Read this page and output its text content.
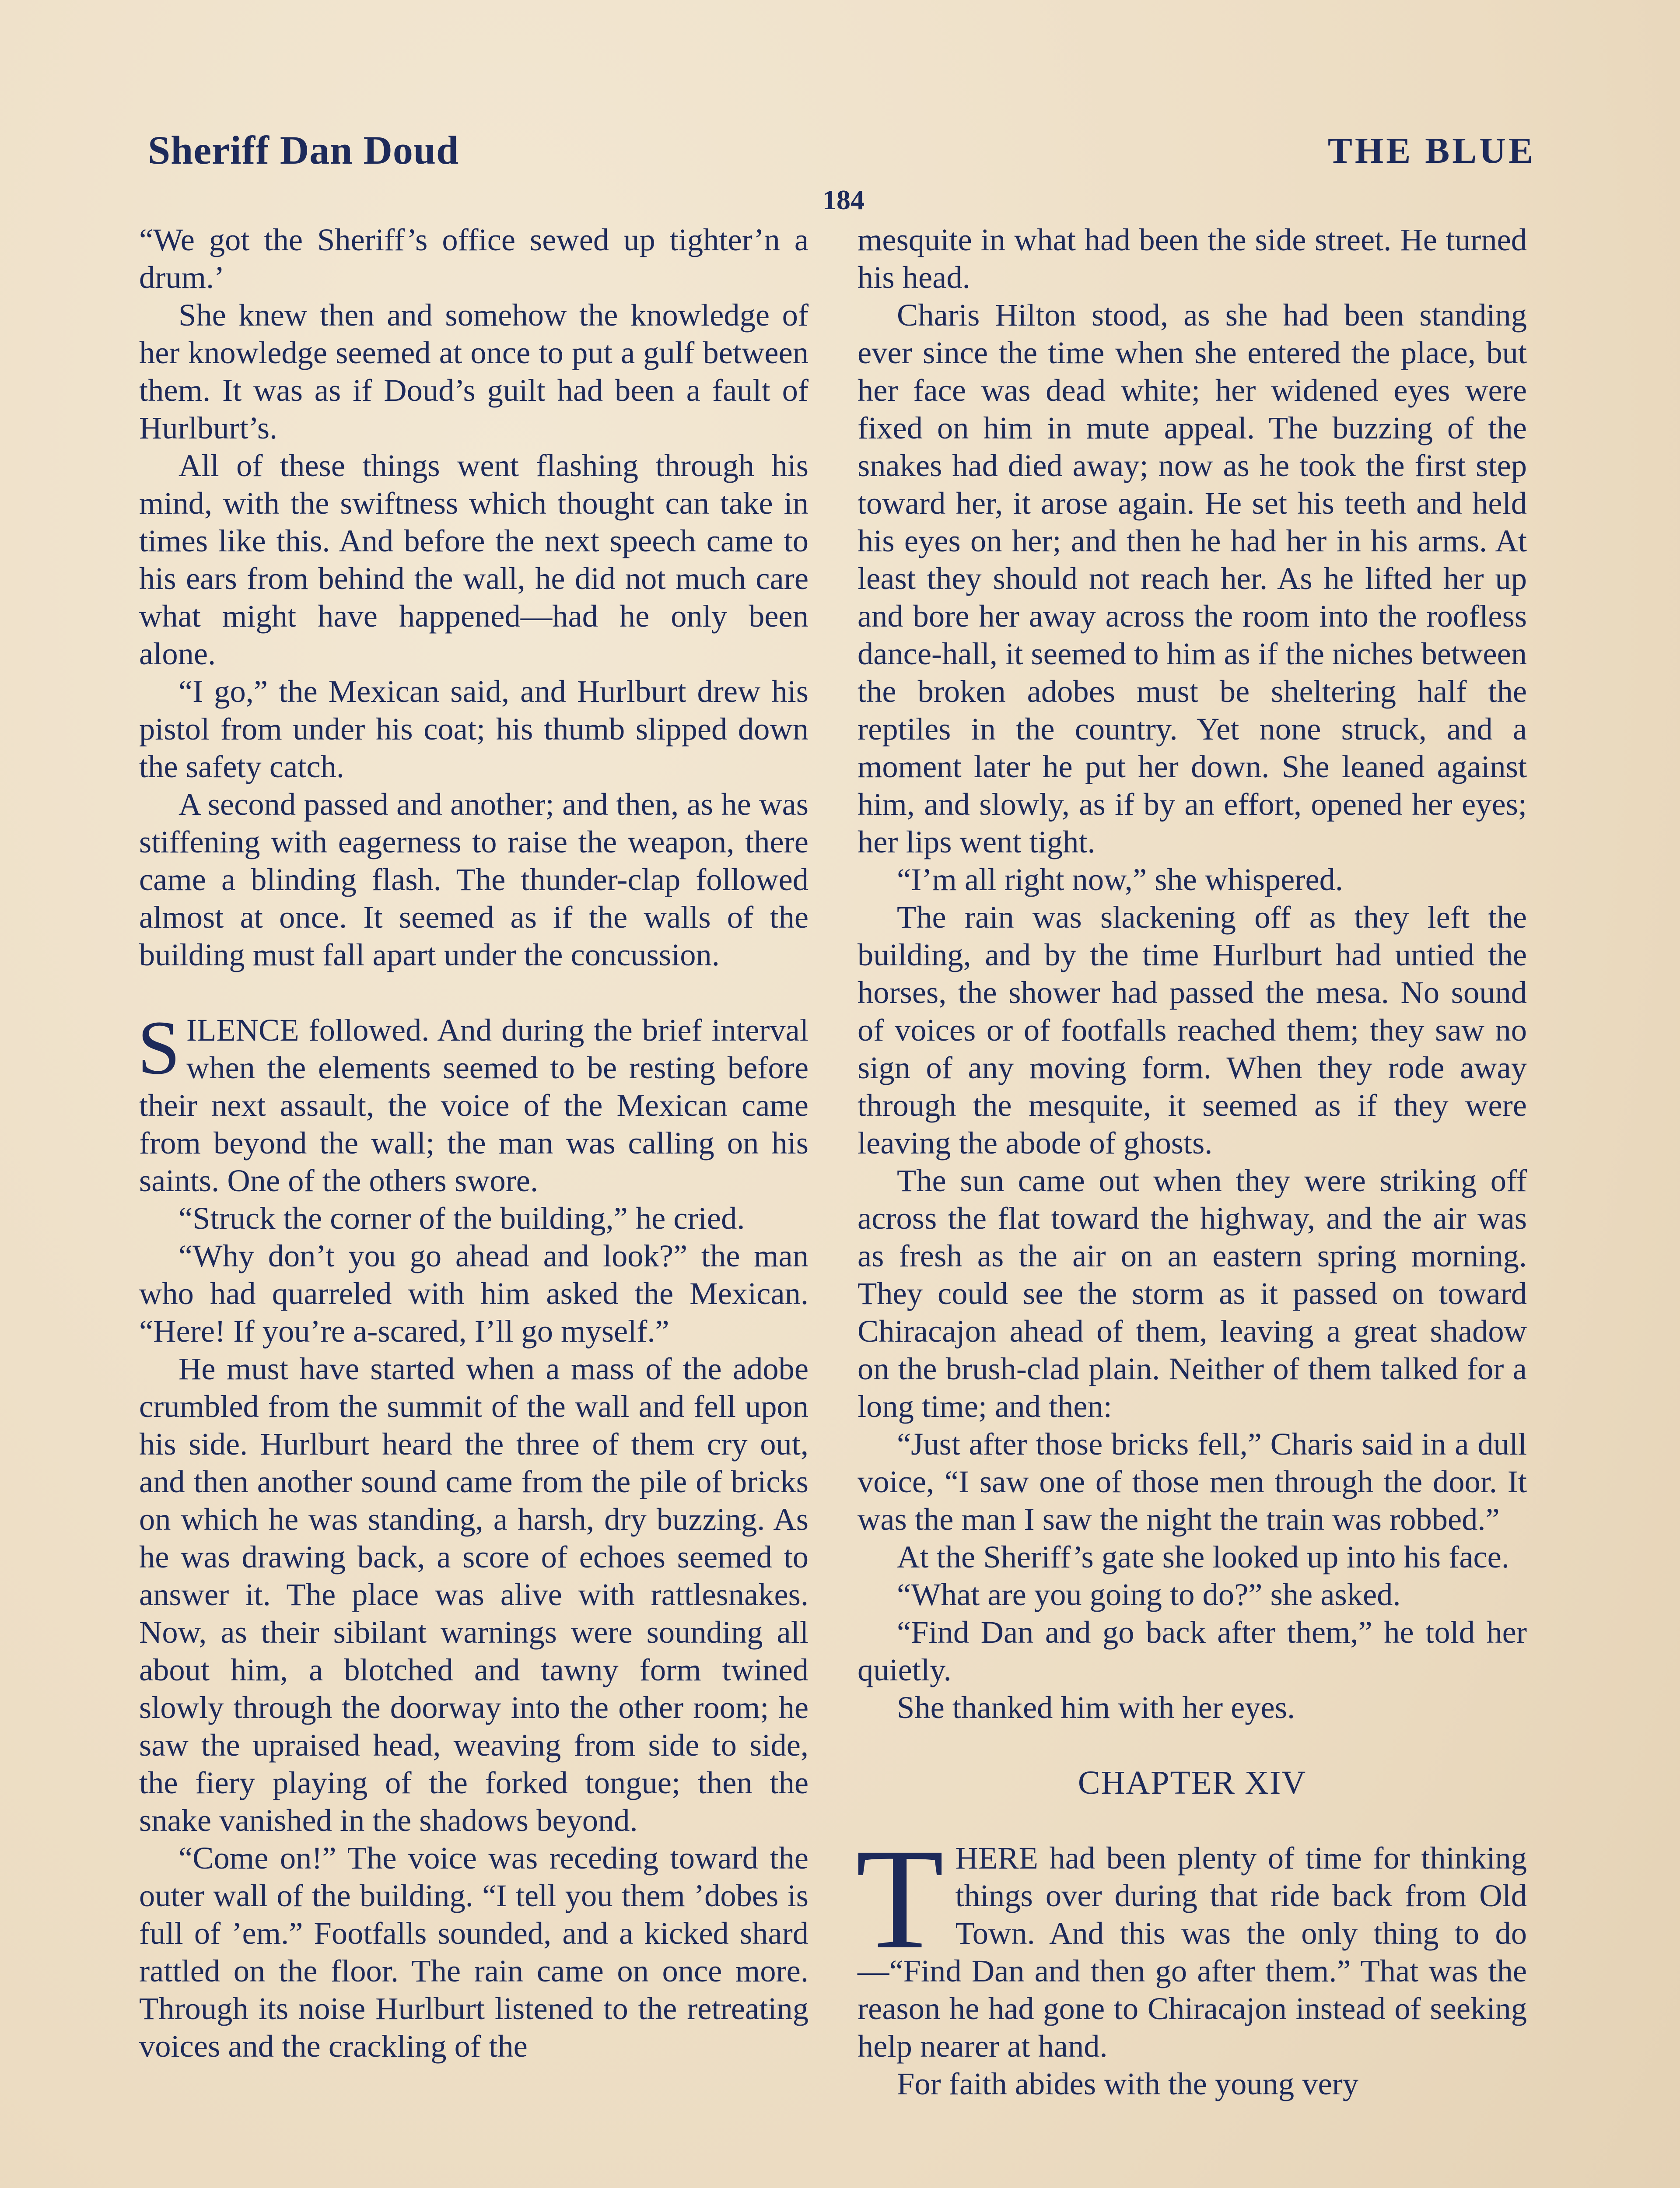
Sheriff Dan Doud	THE BLUE
184

“We got the Sheriff’s office sewed up tighter’n a drum.’

She knew then and somehow the knowledge of her knowledge seemed at once to put a gulf between them. It was as if Doud’s guilt had been a fault of Hurlburt’s.

All of these things went flashing through his mind, with the swiftness which thought can take in times like this. And before the next speech came to his ears from behind the wall, he did not much care what might have happened—had he only been alone.

“I go,” the Mexican said, and Hurlburt drew his pistol from under his coat; his thumb slipped down the safety catch.

A second passed and another; and then, as he was stiffening with eagerness to raise the weapon, there came a blinding flash. The thunder-clap followed almost at once. It seemed as if the walls of the building must fall apart under the concussion.

SILENCE followed. And during the brief interval when the elements seemed to be resting before their next assault, the voice of the Mexican came from beyond the wall; the man was calling on his saints. One of the others swore.

“Struck the corner of the building,” he cried.

“Why don’t you go ahead and look?” the man who had quarreled with him asked the Mexican. “Here! If you’re a-scared, I’ll go myself.”

He must have started when a mass of the adobe crumbled from the summit of the wall and fell upon his side. Hurlburt heard the three of them cry out, and then another sound came from the pile of bricks on which he was standing, a harsh, dry buzzing. As he was drawing back, a score of echoes seemed to answer it. The place was alive with rattlesnakes. Now, as their sibilant warnings were sounding all about him, a blotched and tawny form twined slowly through the doorway into the other room; he saw the upraised head, weaving from side to side, the fiery playing of the forked tongue; then the snake vanished in the shadows beyond.

“Come on!” The voice was receding toward the outer wall of the building. “I tell you them ’dobes is full of ’em.” Footfalls sounded, and a kicked shard rattled on the floor. The rain came on once more. Through its noise Hurlburt listened to the retreating voices and the crackling of the

mesquite in what had been the side street. He turned his head.

Charis Hilton stood, as she had been standing ever since the time when she entered the place, but her face was dead white; her widened eyes were fixed on him in mute appeal. The buzzing of the snakes had died away; now as he took the first step toward her, it arose again. He set his teeth and held his eyes on her; and then he had her in his arms. At least they should not reach her. As he lifted her up and bore her away across the room into the roofless dance-hall, it seemed to him as if the niches between the broken adobes must be sheltering half the reptiles in the country. Yet none struck, and a moment later he put her down. She leaned against him, and slowly, as if by an effort, opened her eyes; her lips went tight.

“I’m all right now,” she whispered.

The rain was slackening off as they left the building, and by the time Hurlburt had untied the horses, the shower had passed the mesa. No sound of voices or of footfalls reached them; they saw no sign of any moving form. When they rode away through the mesquite, it seemed as if they were leaving the abode of ghosts.

The sun came out when they were striking off across the flat toward the highway, and the air was as fresh as the air on an eastern spring morning. They could see the storm as it passed on toward Chiracajon ahead of them, leaving a great shadow on the brush-clad plain. Neither of them talked for a long time; and then:

“Just after those bricks fell,” Charis said in a dull voice, “I saw one of those men through the door. It was the man I saw the night the train was robbed.”

At the Sheriff’s gate she looked up into his face.

“What are you going to do?” she asked.

“Find Dan and go back after them,” he told her quietly.

She thanked him with her eyes.

CHAPTER XIV

THERE had been plenty of time for thinking things over during that ride back from Old Town. And this was the only thing to do—“Find Dan and then go after them.” That was the reason he had gone to Chiracajon instead of seeking help nearer at hand.

For faith abides with the young very
